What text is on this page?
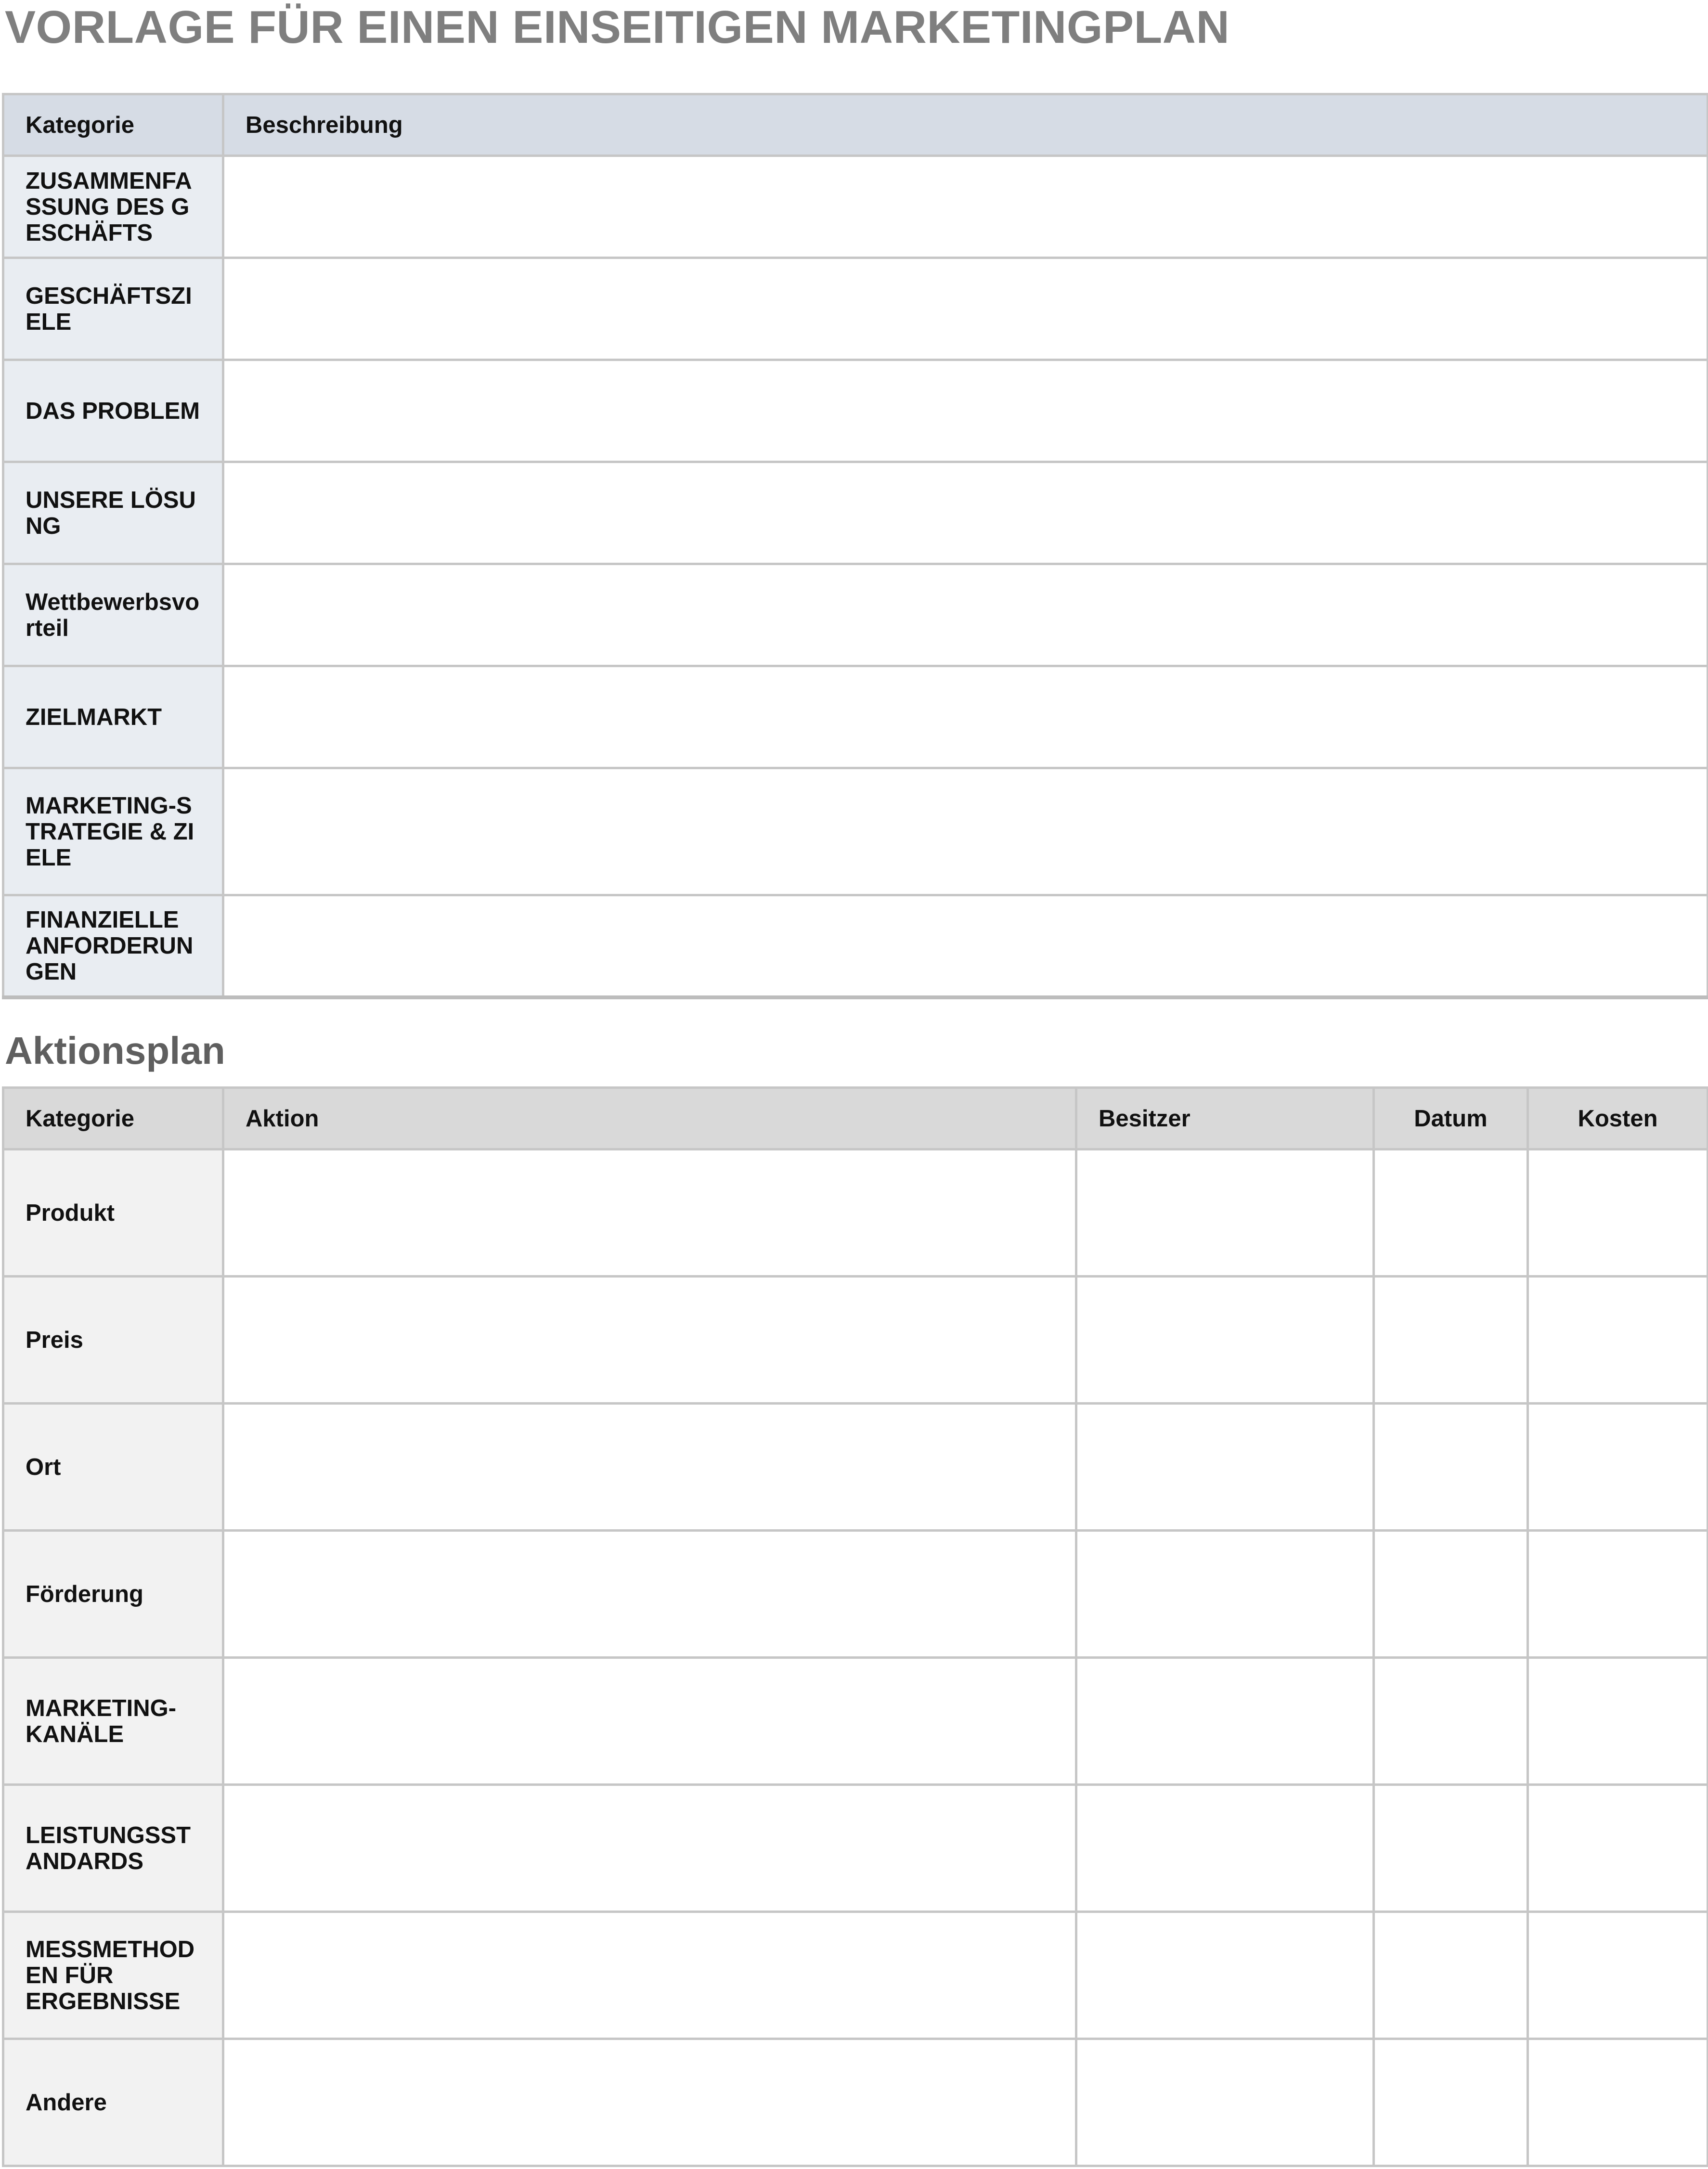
VORLAGE FÜR EINEN EINSEITIGEN MARKETINGPLAN
Kategorie	Beschreibung
ZUSAMMENFASSUNG DES GESCHÄFTS	
GESCHÄFTSZIELE	
DAS PROBLEM	
UNSERE LÖSUNG	
Wettbewerbsvorteil	
ZIELMARKT	
MARKETING-STRATEGIE & ZIELE	
FINANZIELLE ANFORDERUNGEN	
Aktionsplan
Kategorie	Aktion	Besitzer	Datum	Kosten
Produkt				
Preis				
Ort				
Förderung				
MARKETING-KANÄLE				
LEISTUNGSSTANDARDS				
MESSMETHODEN FÜR ERGEBNISSE				
Andere				
